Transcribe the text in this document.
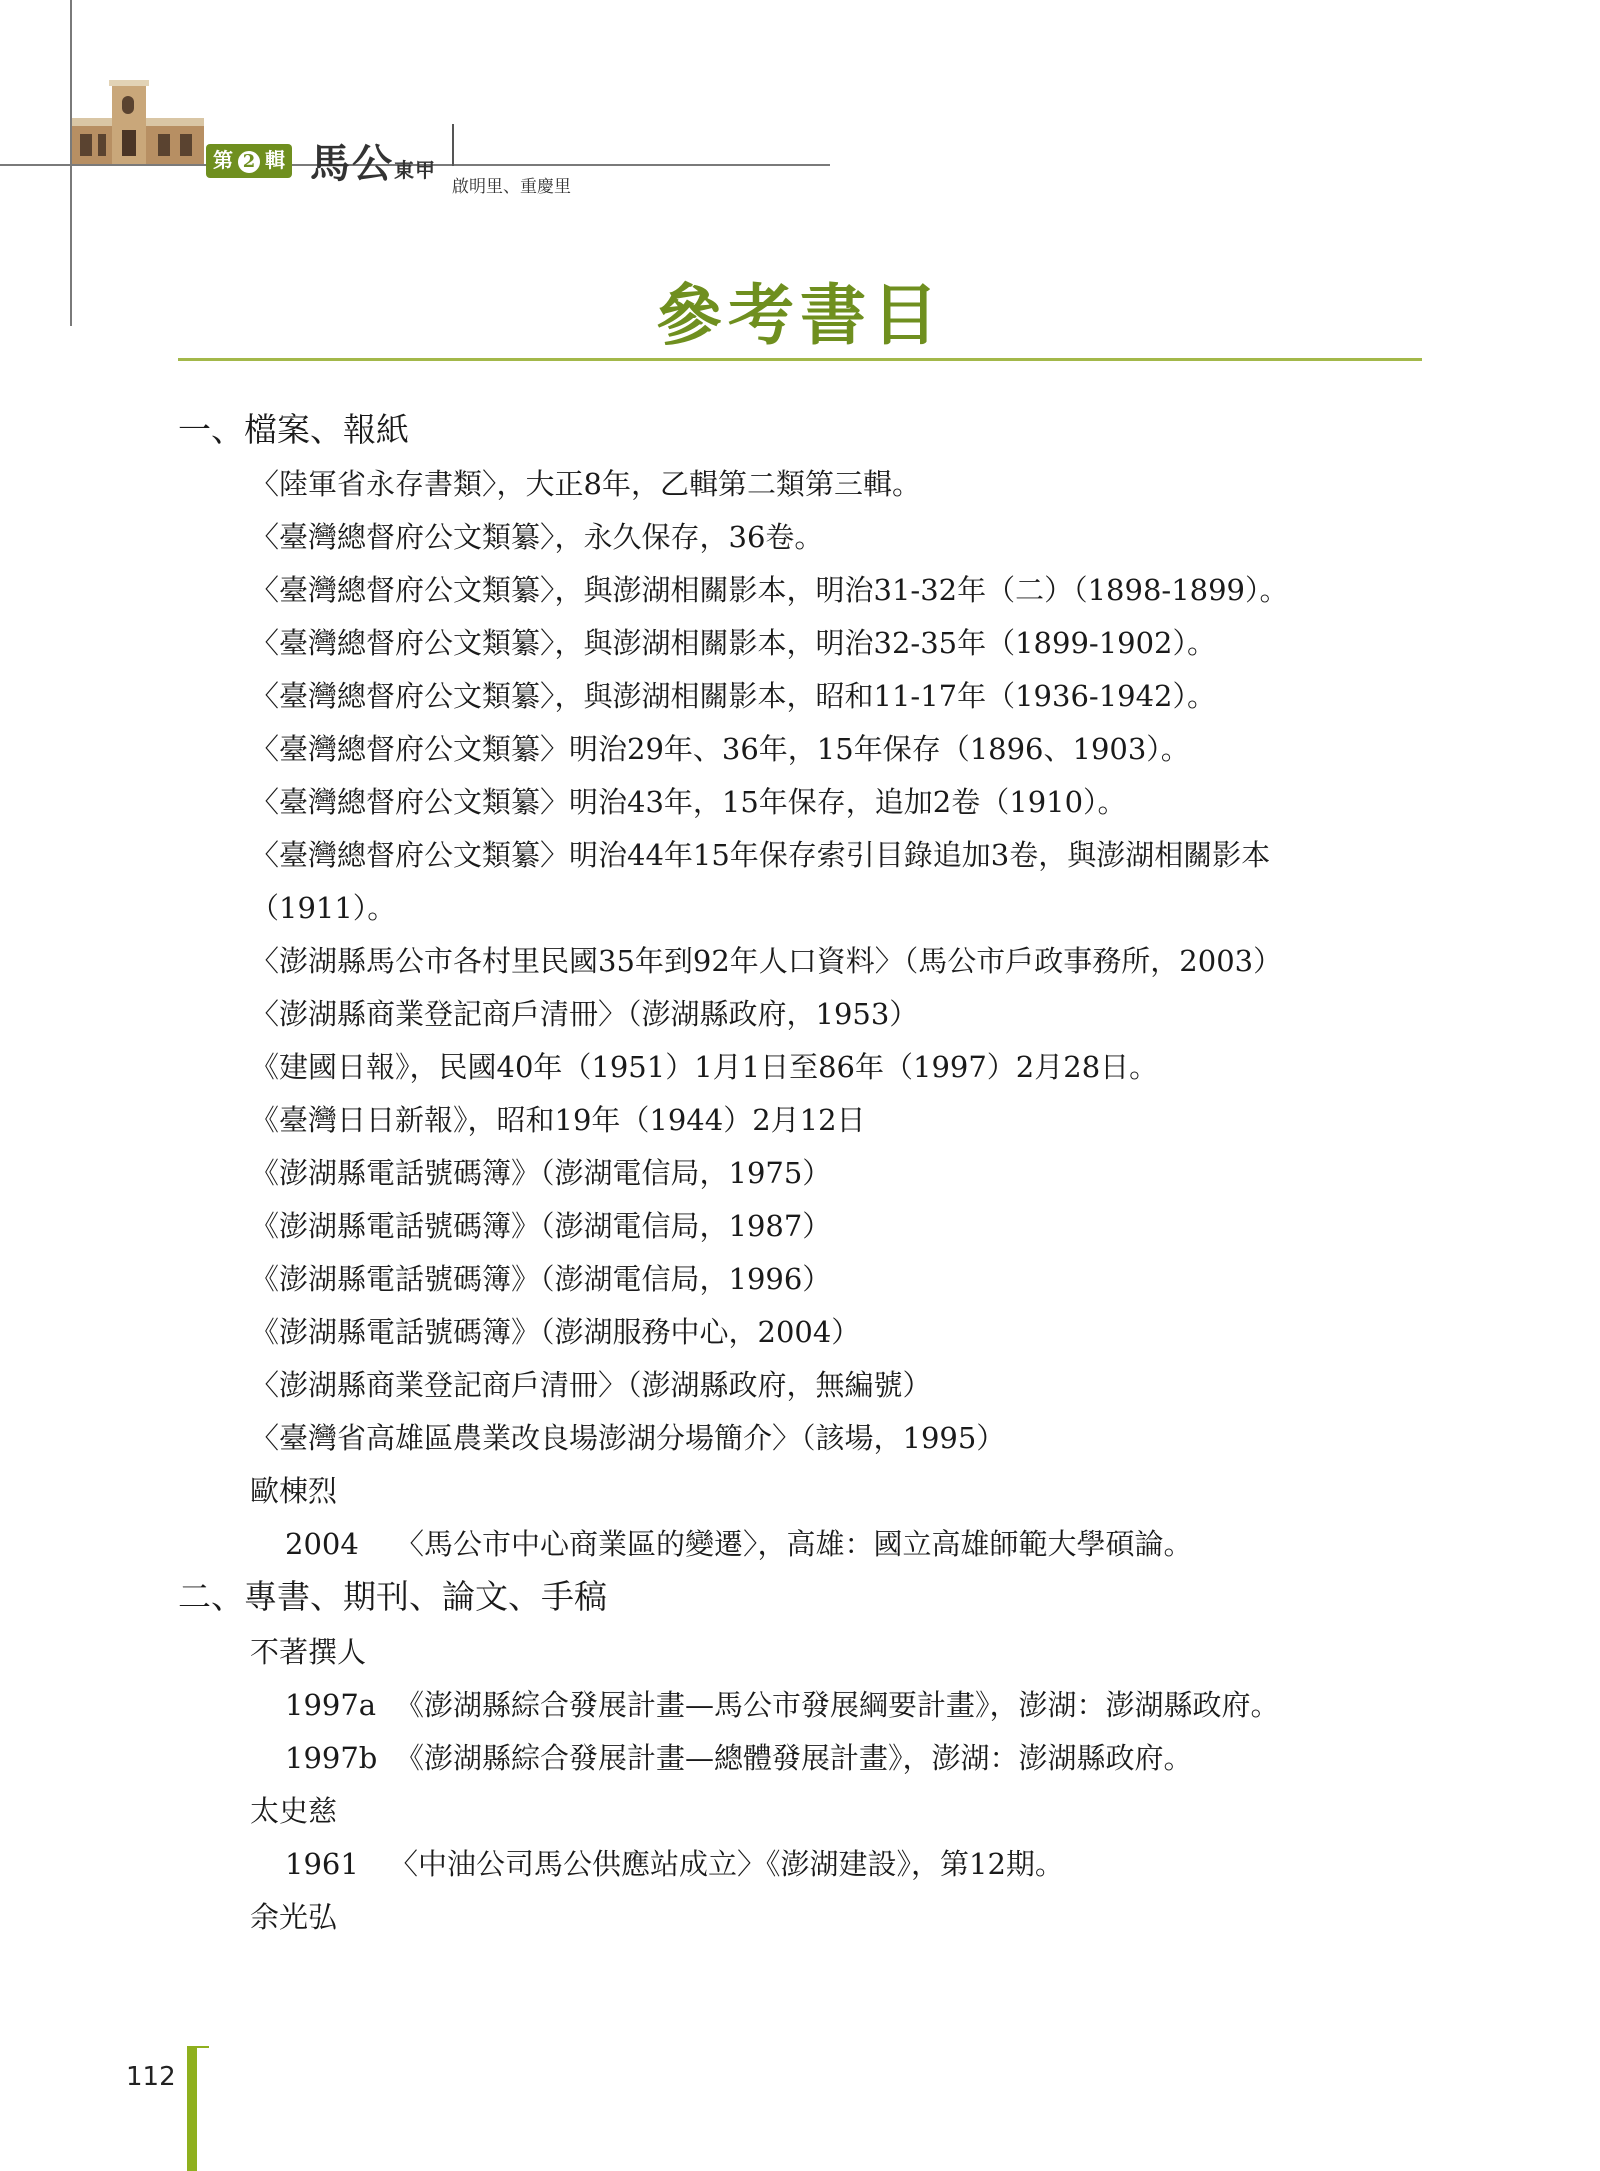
第 2 輯 馬公東甲
啟明里、重慶里
參考書目
一、檔案、報紙
〈陸軍省永存書類〉，大正8年，乙輯第二類第三輯。
〈臺灣總督府公文類纂〉，永久保存，36卷。
〈臺灣總督府公文類纂〉，與澎湖相關影本，明治31-32年（二）（1898-1899）。
〈臺灣總督府公文類纂〉，與澎湖相關影本，明治32-35年（1899-1902）。
〈臺灣總督府公文類纂〉，與澎湖相關影本，昭和11-17年（1936-1942）。
〈臺灣總督府公文類纂〉明治29年、36年，15年保存（1896、1903）。
〈臺灣總督府公文類纂〉明治43年，15年保存，追加2卷（1910）。
〈臺灣總督府公文類纂〉明治44年15年保存索引目錄追加3卷，與澎湖相關影本
（1911）。
〈澎湖縣馬公市各村里民國35年到92年人口資料〉（馬公市戶政事務所，2003）
〈澎湖縣商業登記商戶清冊〉（澎湖縣政府，1953）
《建國日報》，民國40年（1951）1月1日至86年（1997）2月28日。
《臺灣日日新報》，昭和19年（1944）2月12日
《澎湖縣電話號碼簿》（澎湖電信局，1975）
《澎湖縣電話號碼簿》（澎湖電信局，1987）
《澎湖縣電話號碼簿》（澎湖電信局，1996）
《澎湖縣電話號碼簿》（澎湖服務中心，2004）
〈澎湖縣商業登記商戶清冊〉（澎湖縣政府，無編號）
〈臺灣省高雄區農業改良場澎湖分場簡介〉（該場，1995）
歐棟烈
2004 〈馬公市中心商業區的變遷〉，高雄：國立高雄師範大學碩論。
二、專書、期刊、論文、手稿
不著撰人
1997a 《澎湖縣綜合發展計畫—馬公市發展綱要計畫》，澎湖：澎湖縣政府。
1997b 《澎湖縣綜合發展計畫—總體發展計畫》，澎湖：澎湖縣政府。
太史慈
1961 〈中油公司馬公供應站成立〉《澎湖建設》，第12期。
余光弘
112
